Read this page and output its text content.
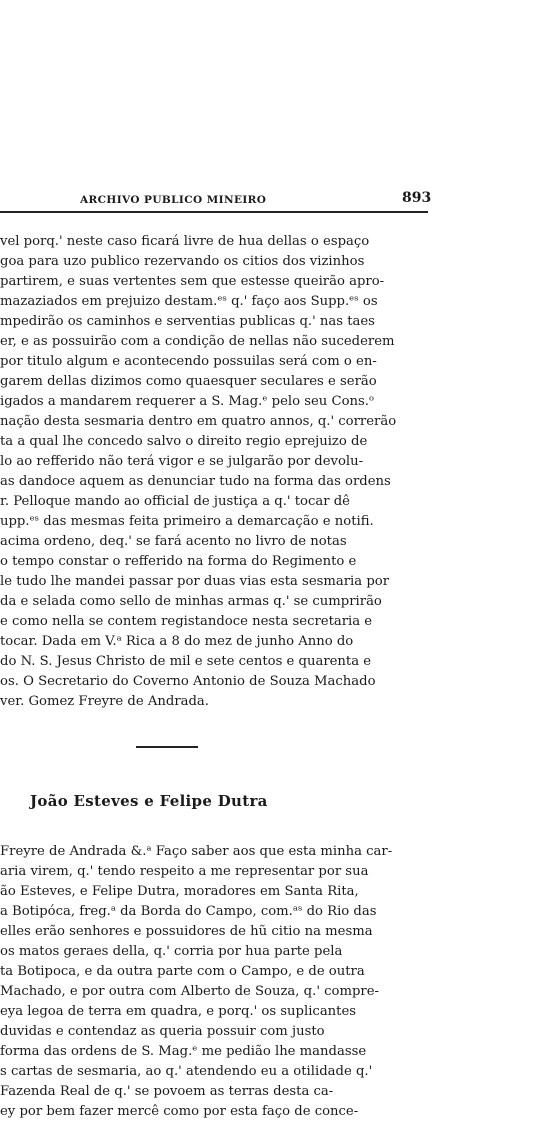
ARCHIVO PUBLICO MINEIRO	893
vel porq.' neste caso ficará livre de hua dellas o espaço
goa para uzo publico rezervando os citios dos vizinhos
partirem, e suas vertentes sem que estesse queirão apro-
mazaziados em prejuizo destam.ᵉˢ q.' faço aos Supp.ᵉˢ os
mpedirão os caminhos e serventias publicas q.' nas taes
er, e as possuirão com a condição de nellas não sucederem
por titulo algum e acontecendo possuilas será com o en-
garem dellas dizimos como quaesquer seculares e serão
igados a mandarem requerer a S. Mag.ᵉ pelo seu Cons.ᵒ
nação desta sesmaria dentro em quatro annos, q.' correrão
ta a qual lhe concedo salvo o direito regio eprejuizo de
lo ao refferido não terá vigor e se julgarão por devolu-
as dandoce aquem as denunciar tudo na forma das ordens
r. Pelloque mando ao official de justiça a q.' tocar dê
upp.ᵉˢ das mesmas feita primeiro a demarcação e notifi.
acima ordeno, deq.' se fará acento no livro de notas
o tempo constar o refferido na forma do Regimento e
le tudo lhe mandei passar por duas vias esta sesmaria por
da e selada como sello de minhas armas q.' se cumprirão
e como nella se contem registandoce nesta secretaria e
tocar. Dada em V.ᵃ Rica a 8 do mez de junho Anno do
do N. S. Jesus Christo de mil e sete centos e quarenta e
os. O Secretario do Coverno Antonio de Souza Machado
ver. Gomez Freyre de Andrada.
João Esteves e Felipe Dutra
Freyre de Andrada &.ᵃ Faço saber aos que esta minha car-
aria virem, q.' tendo respeito a me representar por sua
ão Esteves, e Felipe Dutra, moradores em Santa Rita,
a Botipóca, freg.ᵃ da Borda do Campo, com.ᵃˢ do Rio das
elles erão senhores e possuidores de hũ citio na mesma
os matos geraes della, q.' corria por hua parte pela
ta Botipoca, e da outra parte com o Campo, e de outra
Machado, e por outra com Alberto de Souza, q.' compre-
eya legoa de terra em quadra, e porq.' os suplicantes
duvidas e contendaz as queria possuir com justo
forma das ordens de S. Mag.ᵉ me pedião lhe mandasse
s cartas de sesmaria, ao q.' atendendo eu a otilidade q.'
Fazenda Real de q.' se povoem as terras desta ca-
ey por bem fazer mercê como por esta faço de conce-
